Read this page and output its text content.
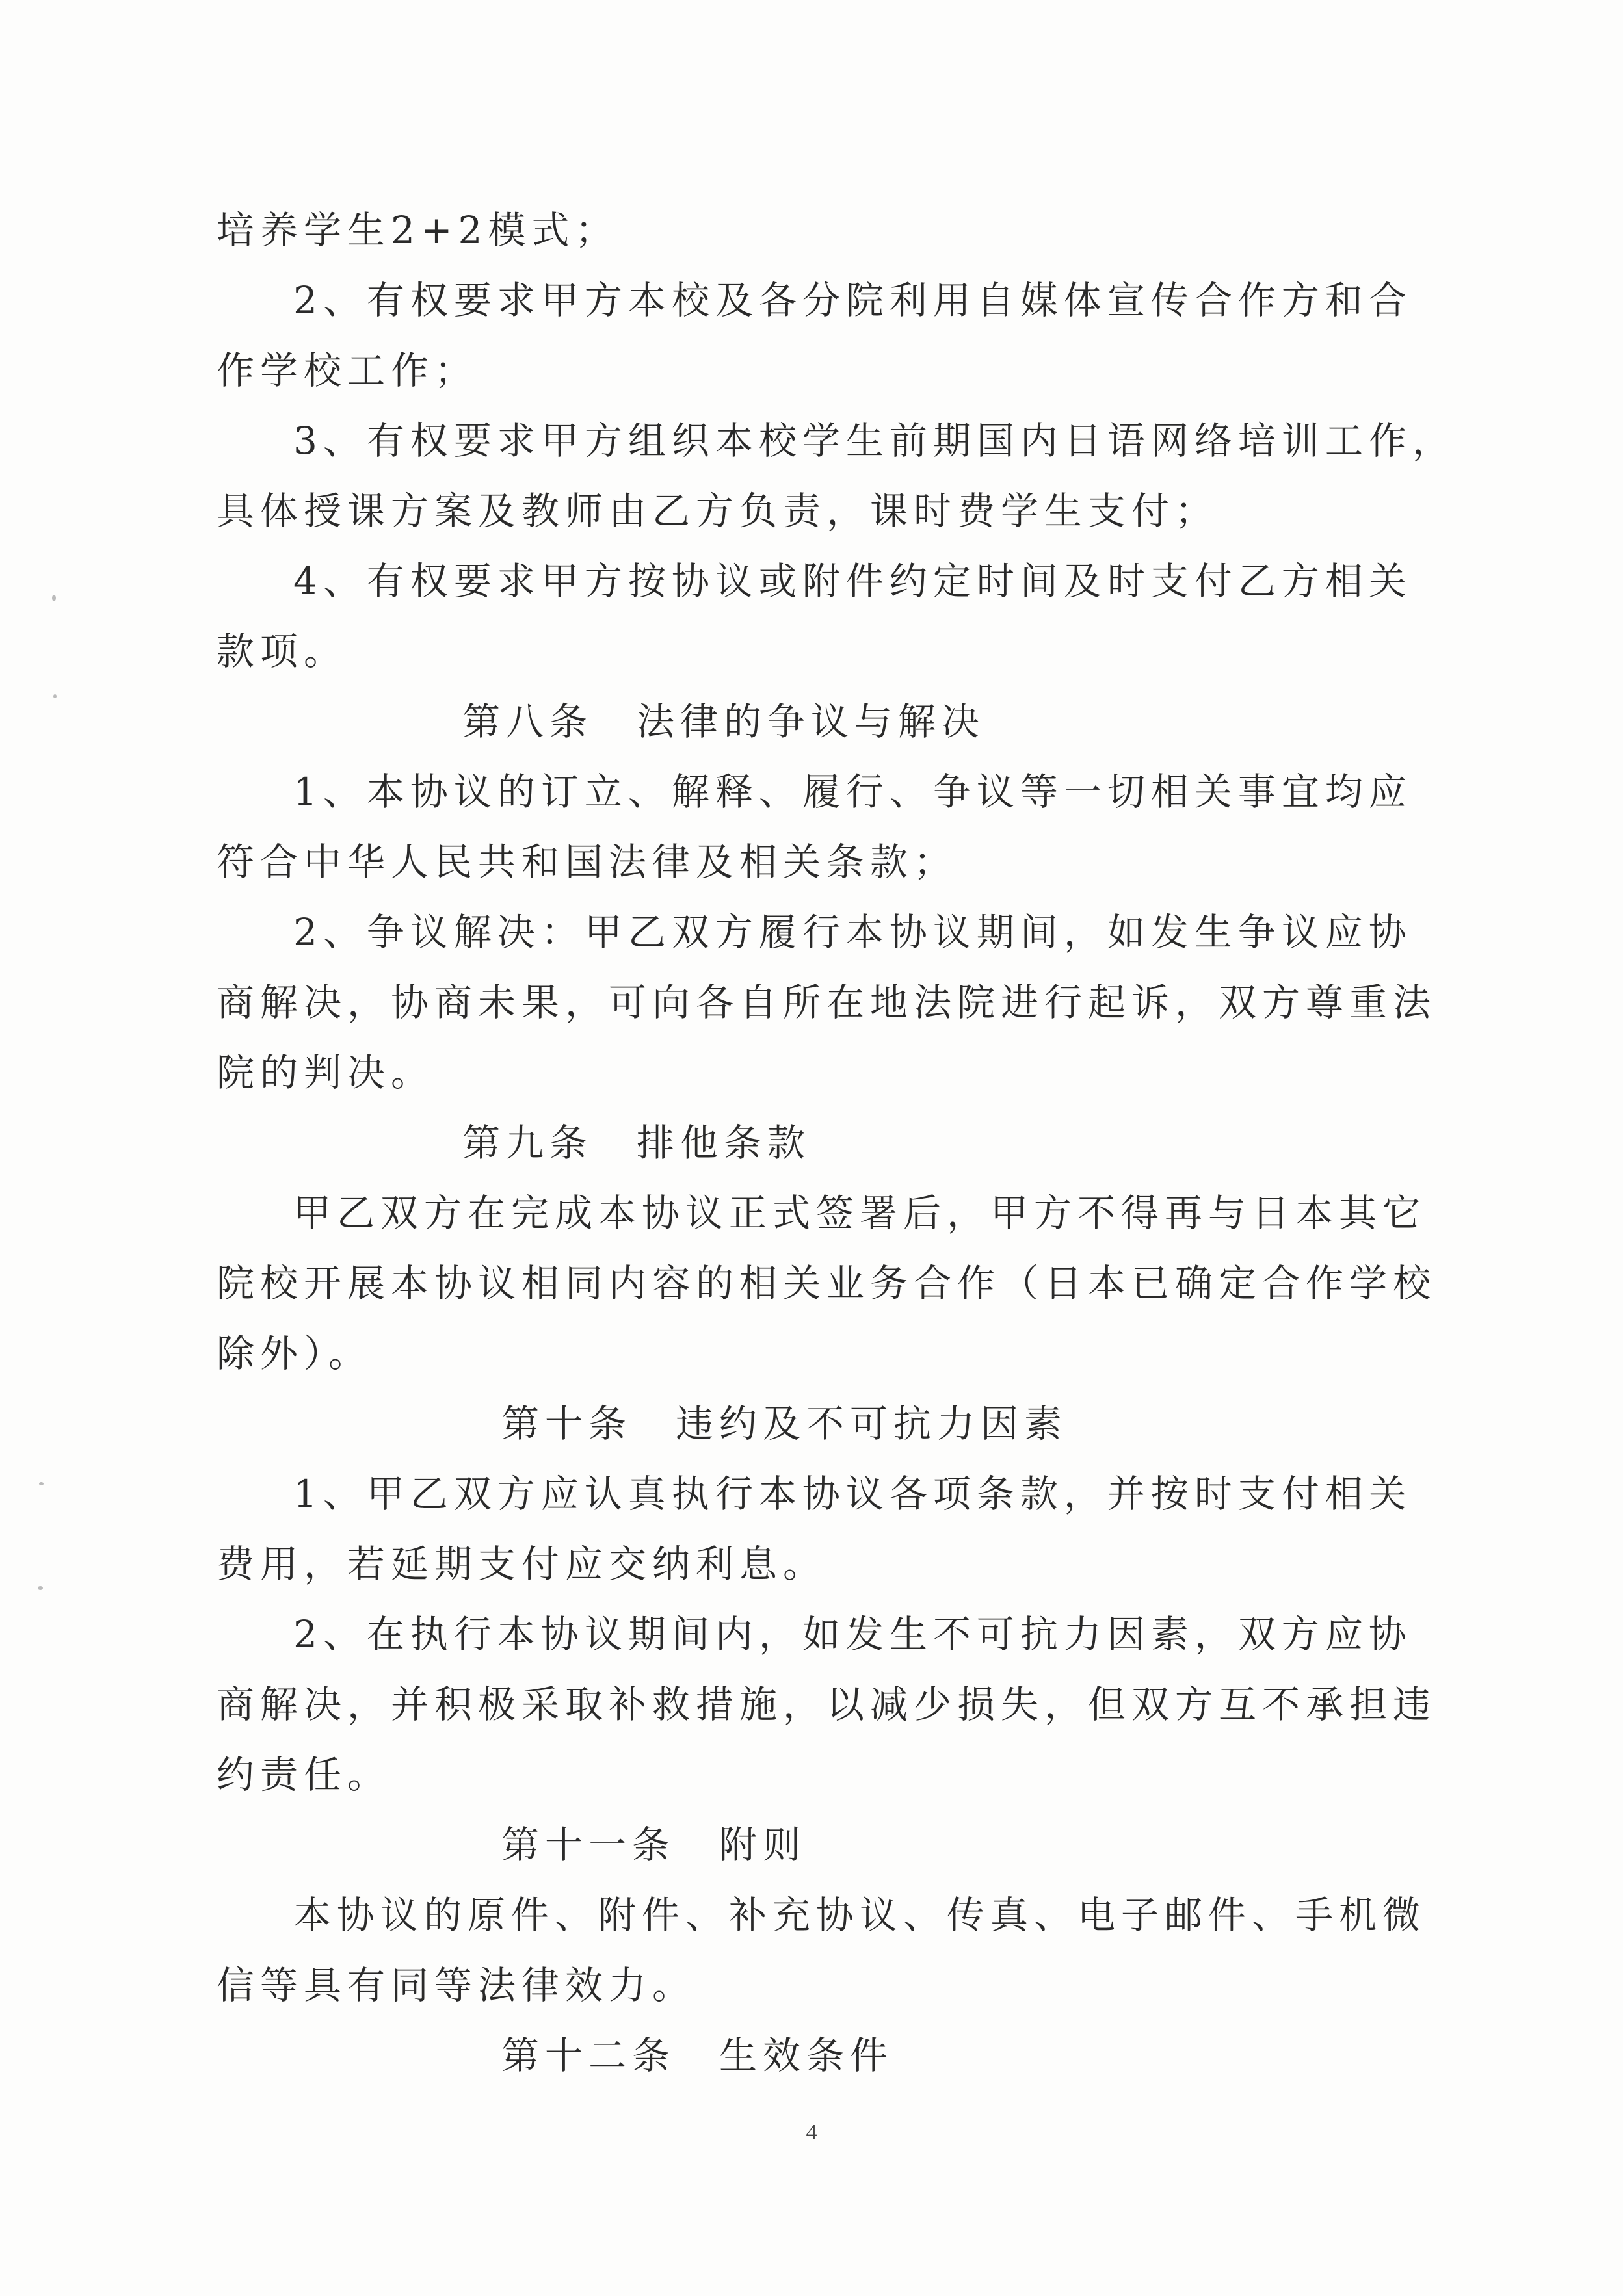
培养学生2+2模式；
2、有权要求甲方本校及各分院利用自媒体宣传合作方和合
作学校工作；
3、有权要求甲方组织本校学生前期国内日语网络培训工作，
具体授课方案及教师由乙方负责，课时费学生支付；
4、有权要求甲方按协议或附件约定时间及时支付乙方相关
款项。
第八条　法律的争议与解决
1、本协议的订立、解释、履行、争议等一切相关事宜均应
符合中华人民共和国法律及相关条款；
2、争议解决：甲乙双方履行本协议期间，如发生争议应协
商解决，协商未果，可向各自所在地法院进行起诉，双方尊重法
院的判决。
第九条　排他条款
甲乙双方在完成本协议正式签署后，甲方不得再与日本其它
院校开展本协议相同内容的相关业务合作（日本已确定合作学校
除外）。
第十条　违约及不可抗力因素
1、甲乙双方应认真执行本协议各项条款，并按时支付相关
费用，若延期支付应交纳利息。
2、在执行本协议期间内，如发生不可抗力因素，双方应协
商解决，并积极采取补救措施，以减少损失，但双方互不承担违
约责任。
第十一条　附则
本协议的原件、附件、补充协议、传真、电子邮件、手机微
信等具有同等法律效力。
第十二条　生效条件
4
